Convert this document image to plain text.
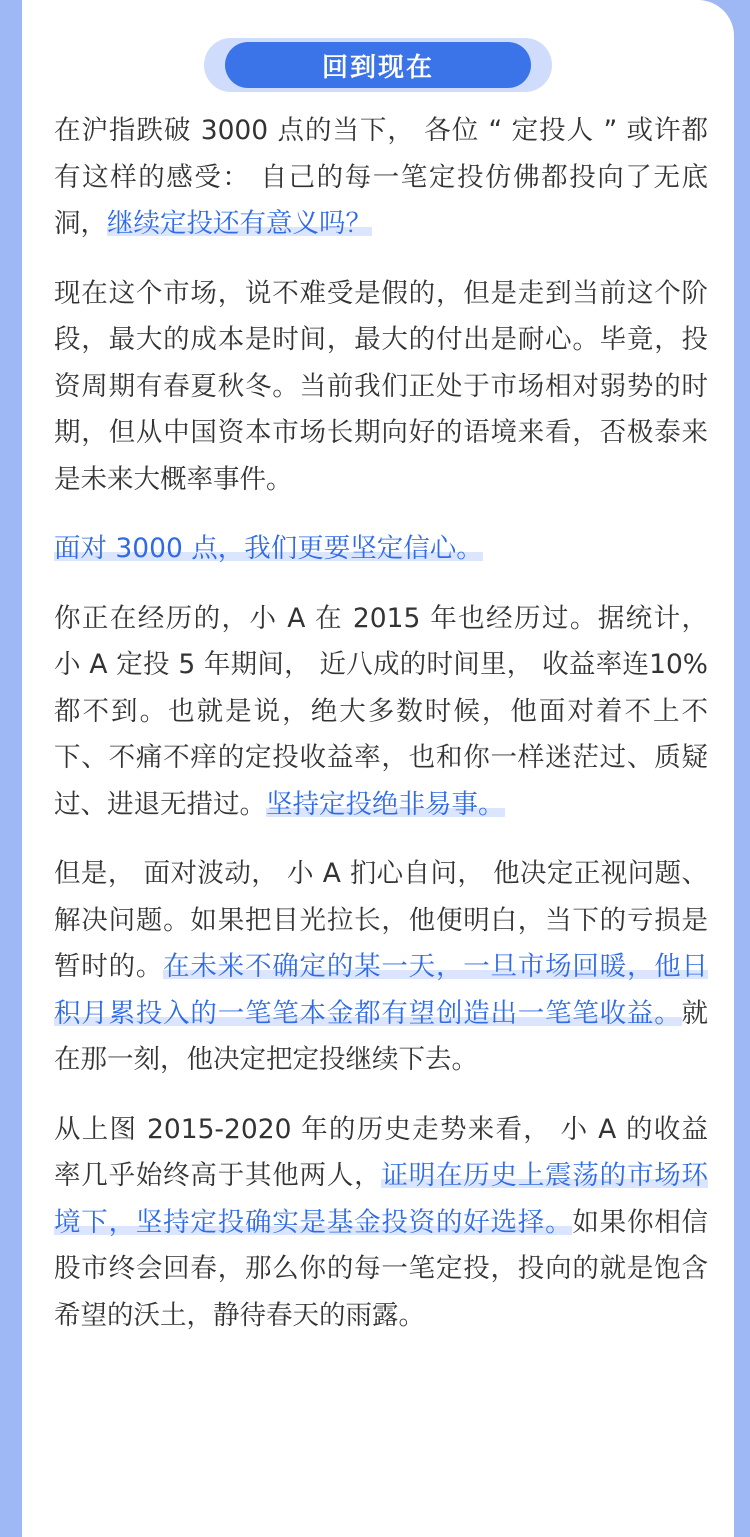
回到现在

在沪指跌破 3000 点的当下， 各位 “ 定投人 ” 或许都有这样的感受： 自己的每一笔定投仿佛都投向了无底洞，继续定投还有意义吗？

现在这个市场，说不难受是假的，但是走到当前这个阶段，最大的成本是时间，最大的付出是耐心。毕竟，投资周期有春夏秋冬。当前我们正处于市场相对弱势的时期，但从中国资本市场长期向好的语境来看，否极泰来是未来大概率事件。

面对 3000 点，我们更要坚定信心。

你正在经历的，小 A 在 2015 年也经历过。据统计， 小 A 定投 5 年期间， 近八成的时间里， 收益率连10% 都不到。也就是说，绝大多数时候，他面对着不上不下、不痛不痒的定投收益率，也和你一样迷茫过、质疑过、进退无措过。坚持定投绝非易事。

但是， 面对波动， 小 A 扪心自问， 他决定正视问题、解决问题。如果把目光拉长，他便明白，当下的亏损是暂时的。在未来不确定的某一天，一旦市场回暖，他日积月累投入的一笔笔本金都有望创造出一笔笔收益。就在那一刻，他决定把定投继续下去。

从上图 2015-2020 年的历史走势来看， 小 A 的收益率几乎始终高于其他两人，证明在历史上震荡的市场环境下，坚持定投确实是基金投资的好选择。如果你相信股市终会回春，那么你的每一笔定投，投向的就是饱含希望的沃土，静待春天的雨露。
